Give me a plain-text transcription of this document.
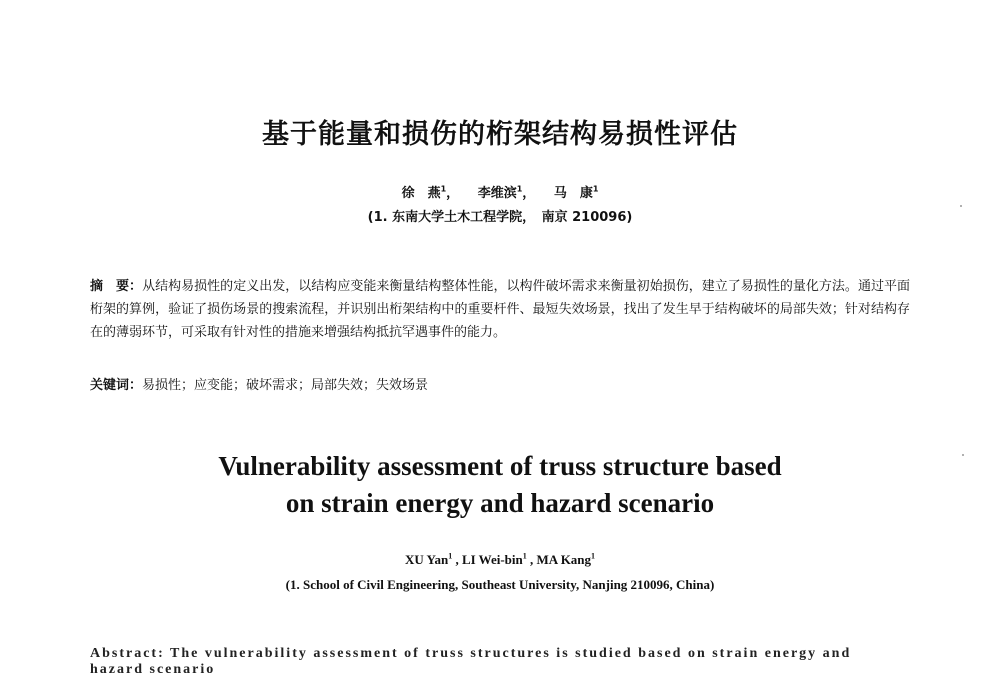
基于能量和损伤的桁架结构易损性评估
徐　燕$^1$， 李维滨$^1$， 马　康$^1$
(1. 东南大学土木工程学院，　南京 210096)

摘　要：从结构易损性的定义出发，以结构应变能来衡量结构整体性能，以构件破坏需求来衡量初始损伤，建立了易损性的量化方法。通过平面桁架的算例，验证了损伤场景的搜索流程，并识别出桁架结构中的重要杆件、最短失效场景，找出了发生早于结构破坏的局部失效；针对结构存在的薄弱环节，可采取有针对性的措施来增强结构抵抗罕遇事件的能力。

关键词：易损性；应变能；破坏需求；局部失效；失效场景
Vulnerability assessment of truss structure based
on strain energy and hazard scenario
XU Yan$^1$ , LI Wei-bin$^1$ , MA Kang$^1$
(1. School of Civil Engineering, Southeast University, Nanjing 210096, China)
Abstract: The vulnerability assessment of truss structures is studied based on strain energy and hazard scenario
